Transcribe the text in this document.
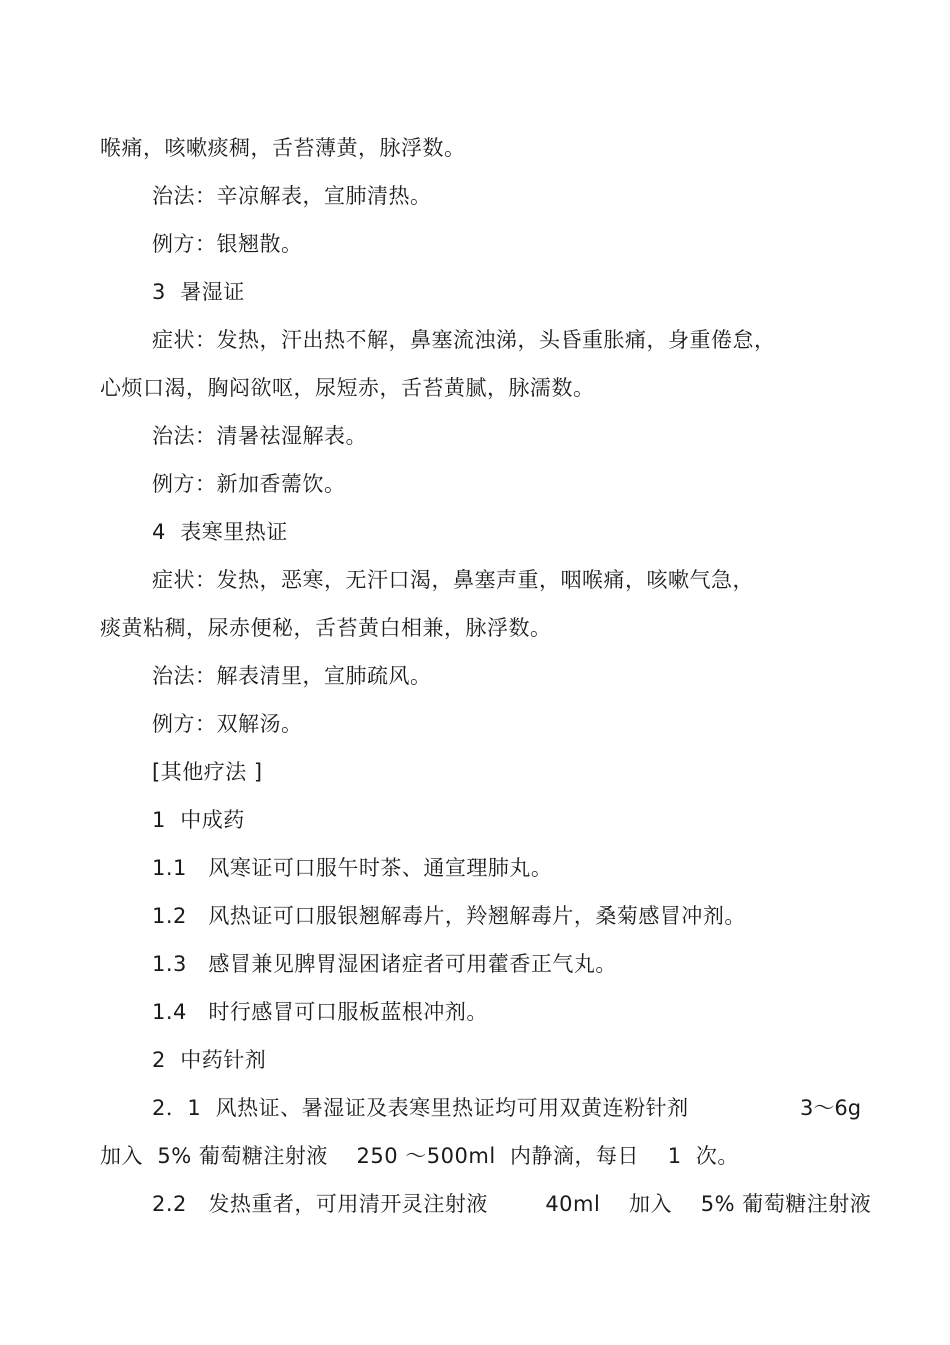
喉痛，咳嗽痰稠，舌苔薄黄，脉浮数。
治法：辛凉解表，宣肺清热。
例方：银翘散。
3  暑湿证
症状：发热，汗出热不解，鼻塞流浊涕，头昏重胀痛，身重倦怠，
心烦口渴，胸闷欲呕，尿短赤，舌苔黄腻，脉濡数。
治法：清暑祛湿解表。
例方：新加香薷饮。
4  表寒里热证
症状：发热，恶寒，无汗口渴，鼻塞声重，咽喉痛，咳嗽气急，
痰黄粘稠，尿赤便秘，舌苔黄白相兼，脉浮数。
治法：解表清里，宣肺疏风。
例方：双解汤。
[其他疗法 ]
1  中成药
1.1   风寒证可口服午时茶、通宣理肺丸。
1.2   风热证可口服银翘解毒片，羚翘解毒片，桑菊感冒冲剂。
1.3   感冒兼见脾胃湿困诸症者可用藿香正气丸。
1.4   时行感冒可口服板蓝根冲剂。
2  中药针剂
2．1  风热证、暑湿证及表寒里热证均可用双黄连粉针剂	3～6g
加入  5% 葡萄糖注射液    250 ～500ml  内静滴，每日    1  次。
2.2   发热重者，可用清开灵注射液        40ml    加入    5% 葡萄糖注射液
